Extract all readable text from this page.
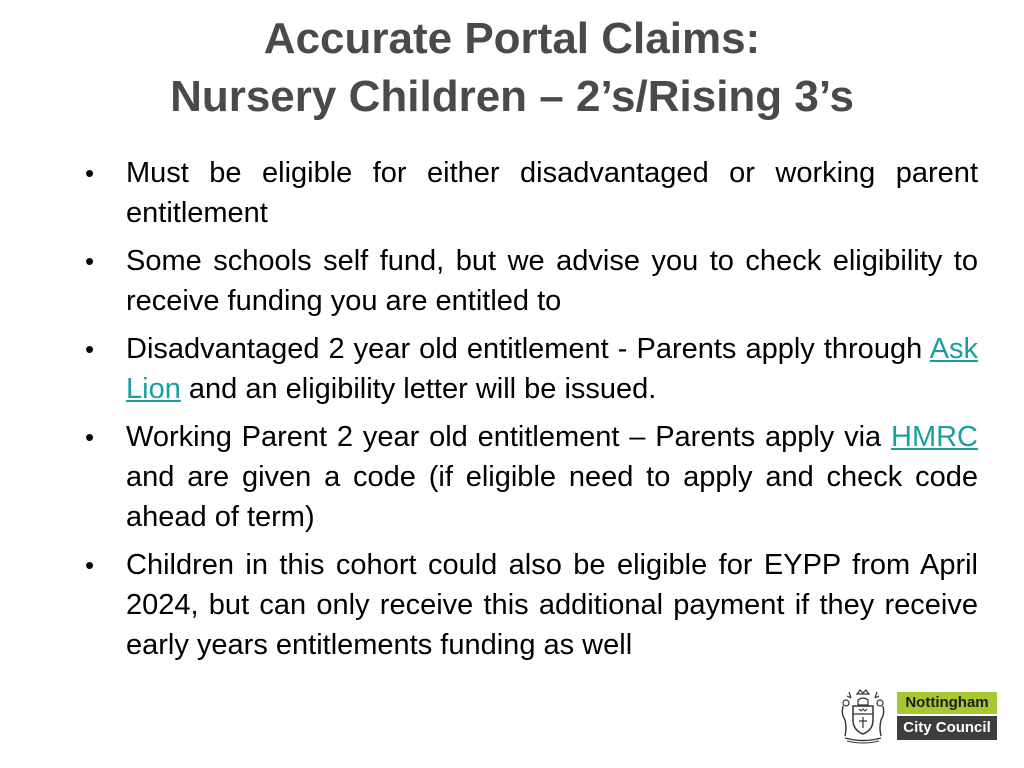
Accurate Portal Claims:
Nursery Children – 2’s/Rising 3’s
• Must be eligible for either disadvantaged or working parent entitlement
• Some schools self fund, but we advise you to check eligibility to receive funding you are entitled to
• Disadvantaged 2 year old entitlement - Parents apply through Ask Lion and an eligibility letter will be issued.
• Working Parent 2 year old entitlement – Parents apply via HMRC and are given a code (if eligible need to apply and check code ahead of term)
• Children in this cohort could also be eligible for EYPP from April 2024, but can only receive this additional payment if they receive early years entitlements funding as well
Nottingham
City Council
